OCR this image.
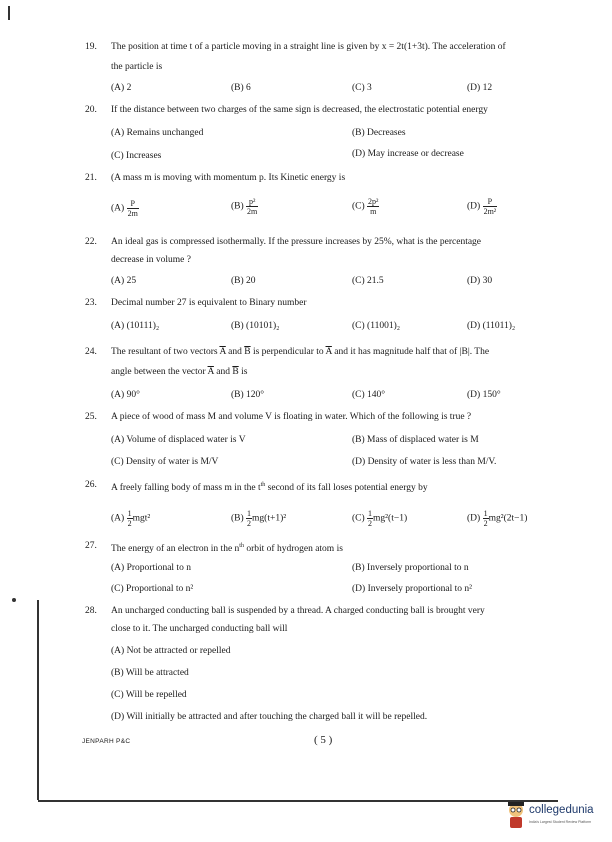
19. The position at time t of a particle moving in a straight line is given by x = 2t(1+3t). The acceleration of
the particle is
(A) 2	(B) 6	(C) 3	(D) 12
20. If the distance between two charges of the same sign is decreased, the electrostatic potential energy
(A) Remains unchanged	(B) Decreases
(C) Increases	(D) May increase or decrease
21. (A mass m is moving with momentum p. Its Kinetic energy is
$(A) \frac{P}{2m}$	$(B) \frac{\text{p²}}{2m}$	$(C) \frac{\text{2p²}}{m}$	$(D) \frac{P}{\text{2m²}}$
22. An ideal gas is compressed isothermally. If the pressure increases by 25%, what is the percentage
decrease in volume ?
(A) 25	(B) 20	(C) 21.5	(D) 30
23. Decimal number 27 is equivalent to Binary number
(A) (10111)₂	(B) (10101)₂	(C) (11001)₂	(D) (11011)₂
24. The resultant of two vectors $\overline{A}$ and $\overline{B}$ is perpendicular to $\overline{A}$ and it has magnitude half that of |B|. The
angle between the vector $\overline{A}$ and $\overline{B}$ is
(A) 90°	(B) 120°	(C) 140°	(D) 150°
25. A piece of wood of mass M and volume V is floating in water. Which of the following is true ?
(A) Volume of displaced water is V	(B) Mass of displaced water is M
(C) Density of water is M/V	(D) Density of water is less than M/V.
26. A freely falling body of mass m in the $t^{th}$ second of its fall loses potential energy by
$(A) \frac{1}{2} mgt^2$	$(B) \frac{1}{2} mg(t+1)^2$	$(C) \frac{1}{2} mg^2(t-1)$	$(D) \frac{1}{2} mg^2(2t-1)$
27. The energy of an electron in the $n^{th}$ orbit of hydrogen atom is
(A) Proportional to n	(B) Inversely proportional to n
(C) Proportional to n²	(D) Inversely proportional to n²
28. An uncharged conducting ball is suspended by a thread. A charged conducting ball is brought very
close to it. The uncharged conducting ball will
(A) Not be attracted or repelled
(B) Will be attracted
(C) Will be repelled
(D) Will initially be attracted and after touching the charged ball it will be repelled.
JENPARH P&C	( 5 )
collegedunia
India's Largest Student Review Platform
